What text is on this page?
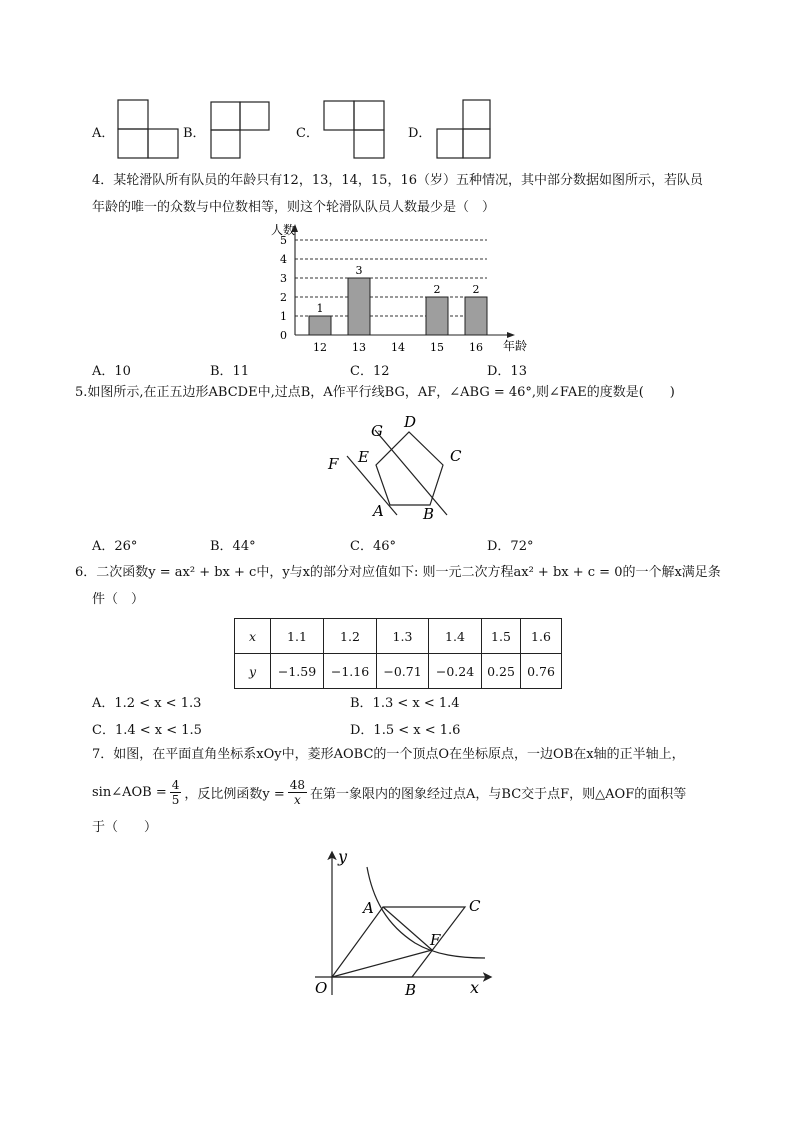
A．	B．	C．	D．
4．某轮滑队所有队员的年龄只有12，13，14，15，16（岁）五种情况，其中部分数据如图所示，若队员
年龄的唯一的众数与中位数相等，则这个轮滑队队员人数最少是（　）
0
1
2
3
4
5
人数
年龄
1
12
3
13 14
2
15
2
16
A．10	B．11	C．12	D．13
5.如图所示,在正五边形ABCDE中,过点B，A作平行线BG，AF，∠ABG = 46°,则∠FAE的度数是(　　)
D
G
C
F E
A	B
A．26°	B．44°	C．46°	D．72°
6．二次函数y = ax² + bx + c中，y与x的部分对应值如下: 则一元二次方程ax² + bx + c = 0的一个解x满足条
件（　）
x	1.1	1.2	1.3	1.4	1.5	1.6
y	−1.59	−1.16	−0.71	−0.24	0.25	0.76
A．1.2 < x < 1.3	B．1.3 < x < 1.4
C．1.4 < x < 1.5	D．1.5 < x < 1.6
7．如图，在平面直角坐标系xOy中，菱形AOBC的一个顶点O在坐标原点，一边OB在x轴的正半轴上，
sin∠AOB = $\frac{4}{5}$ ，反比例函数$y = \frac{48}{x}$ 在第一象限内的图象经过点A，与BC交于点F，则△AOF的面积等
于（　　）
y
A	C
F
O	B	x
